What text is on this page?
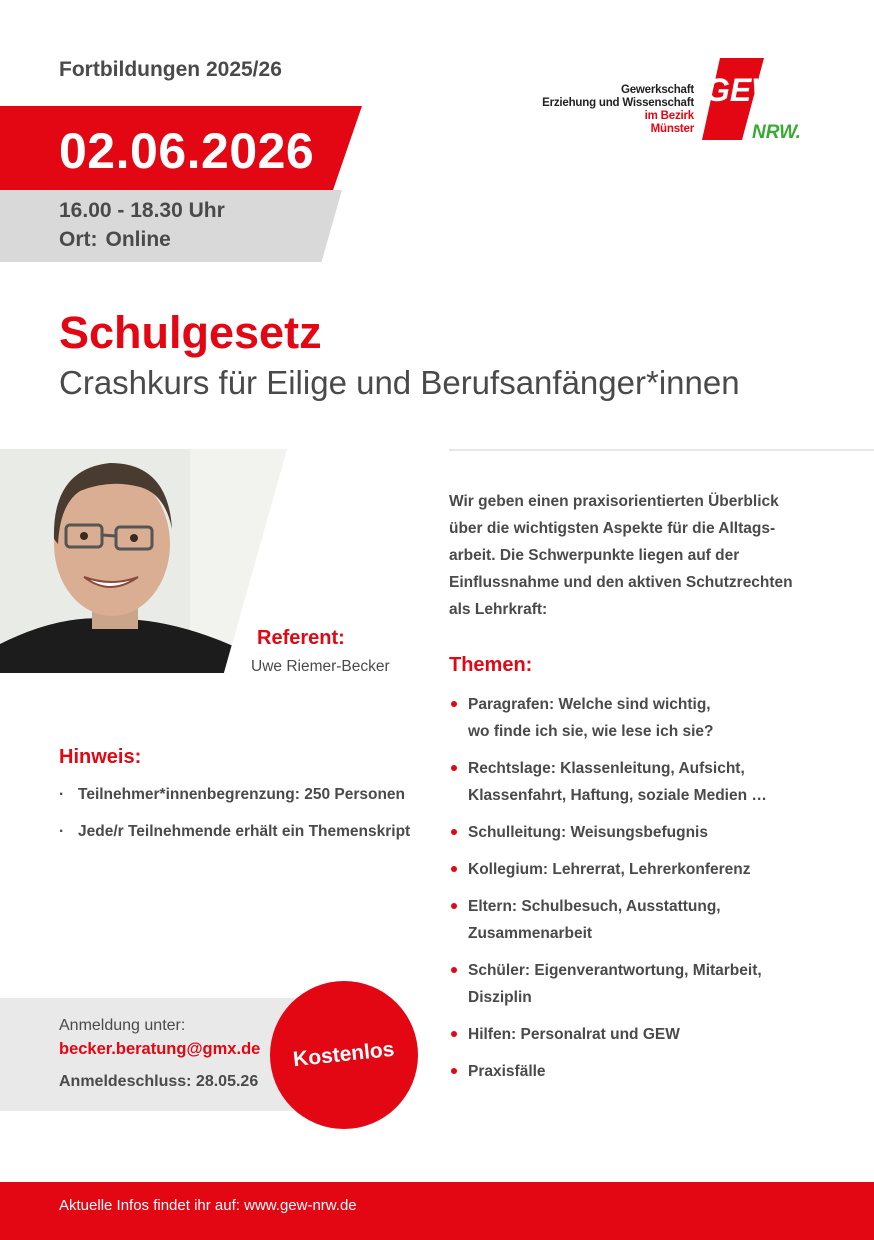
Fortbildungen 2025/26
Gewerkschaft
Erziehung und Wissenschaft
im Bezirk
Münster
GEW
NRW.
02.06.2026
16.00 - 18.30 Uhr
Ort: Online
Schulgesetz
Crashkurs für Eilige und Berufsanfänger*innen
Referent:
Uwe Riemer-Becker
Wir geben einen praxisorientierten Überblick
über die wichtigsten Aspekte für die Alltags-
arbeit. Die Schwerpunkte liegen auf der
Einflussnahme und den aktiven Schutzrechten
als Lehrkraft:
Themen:
Paragrafen: Welche sind wichtig,
wo finde ich sie, wie lese ich sie?
Rechtslage: Klassenleitung, Aufsicht,
Klassenfahrt, Haftung, soziale Medien …
Schulleitung: Weisungsbefugnis
Kollegium: Lehrerrat, Lehrerkonferenz
Eltern: Schulbesuch, Ausstattung,
Zusammenarbeit
Schüler: Eigenverantwortung, Mitarbeit,
Disziplin
Hilfen: Personalrat und GEW
Praxisfälle
Hinweis:
· Teilnehmer*innenbegrenzung: 250 Personen
· Jede/r Teilnehmende erhält ein Themenskript
Anmeldung unter:
becker.beratung@gmx.de
Anmeldeschluss: 28.05.26
Kostenlos
Aktuelle Infos findet ihr auf: www.gew-nrw.de
